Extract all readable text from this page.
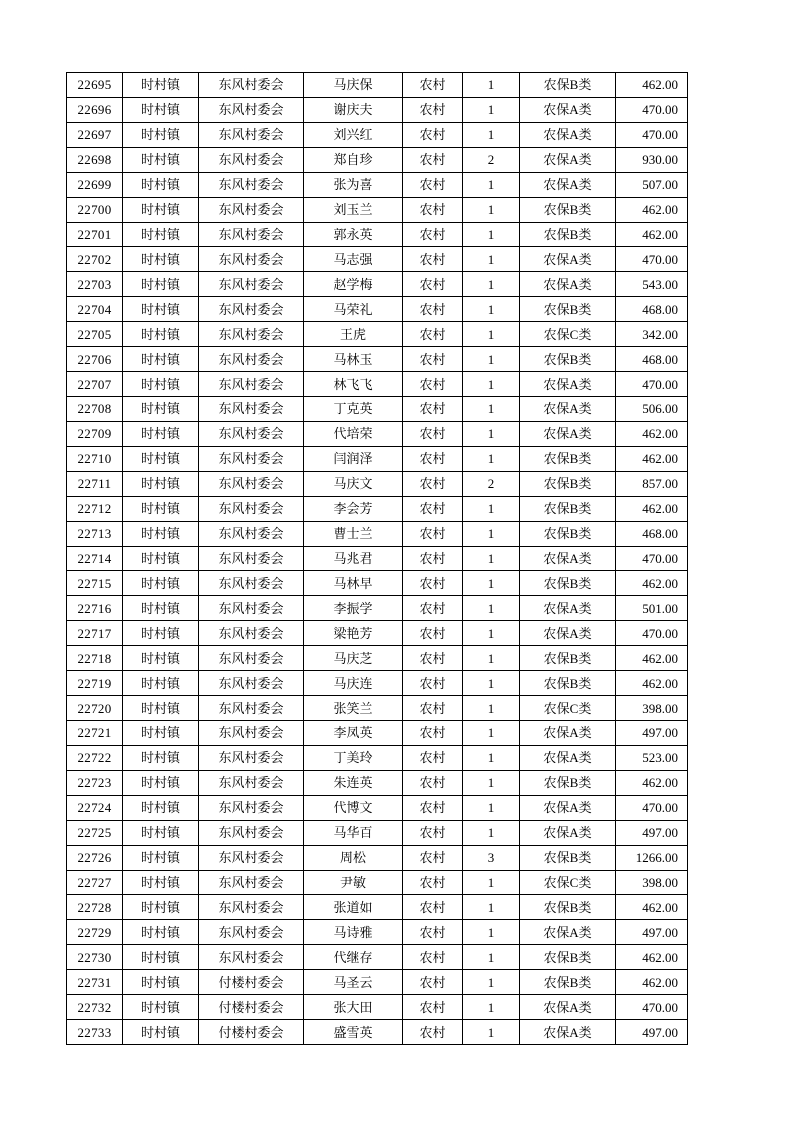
22695	时村镇	东风村委会	马庆保	农村	1	农保B类	462.00
22696	时村镇	东风村委会	谢庆夫	农村	1	农保A类	470.00
22697	时村镇	东风村委会	刘兴红	农村	1	农保A类	470.00
22698	时村镇	东风村委会	郑自珍	农村	2	农保A类	930.00
22699	时村镇	东风村委会	张为喜	农村	1	农保A类	507.00
22700	时村镇	东风村委会	刘玉兰	农村	1	农保B类	462.00
22701	时村镇	东风村委会	郭永英	农村	1	农保B类	462.00
22702	时村镇	东风村委会	马志强	农村	1	农保A类	470.00
22703	时村镇	东风村委会	赵学梅	农村	1	农保A类	543.00
22704	时村镇	东风村委会	马荣礼	农村	1	农保B类	468.00
22705	时村镇	东风村委会	王虎	农村	1	农保C类	342.00
22706	时村镇	东风村委会	马林玉	农村	1	农保B类	468.00
22707	时村镇	东风村委会	林飞飞	农村	1	农保A类	470.00
22708	时村镇	东风村委会	丁克英	农村	1	农保A类	506.00
22709	时村镇	东风村委会	代培荣	农村	1	农保A类	462.00
22710	时村镇	东风村委会	闫润泽	农村	1	农保B类	462.00
22711	时村镇	东风村委会	马庆文	农村	2	农保B类	857.00
22712	时村镇	东风村委会	李会芳	农村	1	农保B类	462.00
22713	时村镇	东风村委会	曹士兰	农村	1	农保B类	468.00
22714	时村镇	东风村委会	马兆君	农村	1	农保A类	470.00
22715	时村镇	东风村委会	马林早	农村	1	农保B类	462.00
22716	时村镇	东风村委会	李振学	农村	1	农保A类	501.00
22717	时村镇	东风村委会	梁艳芳	农村	1	农保A类	470.00
22718	时村镇	东风村委会	马庆芝	农村	1	农保B类	462.00
22719	时村镇	东风村委会	马庆连	农村	1	农保B类	462.00
22720	时村镇	东风村委会	张笑兰	农村	1	农保C类	398.00
22721	时村镇	东风村委会	李凤英	农村	1	农保A类	497.00
22722	时村镇	东风村委会	丁美玲	农村	1	农保A类	523.00
22723	时村镇	东风村委会	朱连英	农村	1	农保B类	462.00
22724	时村镇	东风村委会	代博文	农村	1	农保A类	470.00
22725	时村镇	东风村委会	马华百	农村	1	农保A类	497.00
22726	时村镇	东风村委会	周松	农村	3	农保B类	1266.00
22727	时村镇	东风村委会	尹敏	农村	1	农保C类	398.00
22728	时村镇	东风村委会	张道如	农村	1	农保B类	462.00
22729	时村镇	东风村委会	马诗雅	农村	1	农保A类	497.00
22730	时村镇	东风村委会	代继存	农村	1	农保B类	462.00
22731	时村镇	付楼村委会	马圣云	农村	1	农保B类	462.00
22732	时村镇	付楼村委会	张大田	农村	1	农保A类	470.00
22733	时村镇	付楼村委会	盛雪英	农村	1	农保A类	497.00
